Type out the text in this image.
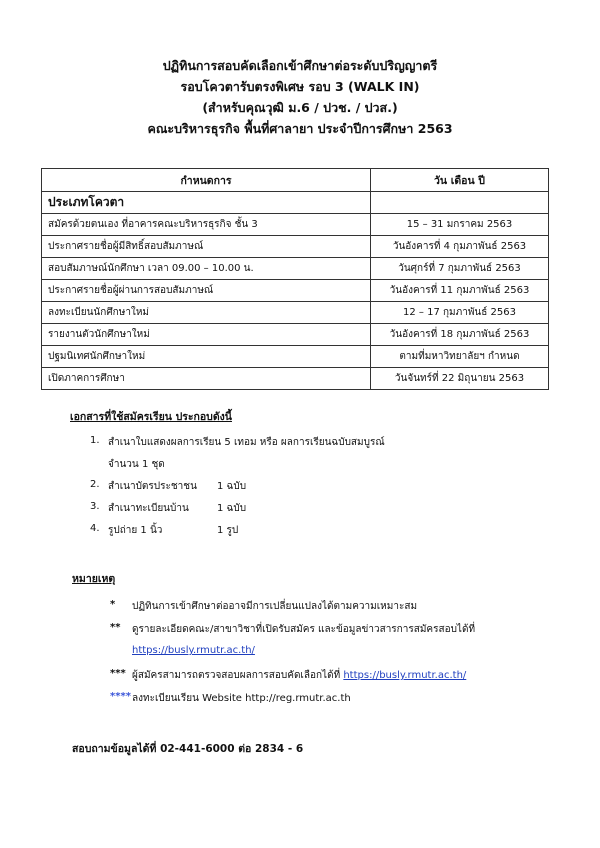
ปฏิทินการสอบคัดเลือกเข้าศึกษาต่อระดับปริญญาตรี
รอบโควตารับตรงพิเศษ รอบ 3 (WALK IN)
(สำหรับคุณวุฒิ ม.6 / ปวช. / ปวส.)
คณะบริหารธุรกิจ พื้นที่ศาลายา ประจำปีการศึกษา 2563
กำหนดการ	วัน เดือน ปี
ประเภทโควตา	
สมัครด้วยตนเอง ที่อาคารคณะบริหารธุรกิจ ชั้น 3	15 – 31 มกราคม 2563
ประกาศรายชื่อผู้มีสิทธิ์สอบสัมภาษณ์	วันอังคารที่ 4 กุมภาพันธ์ 2563
สอบสัมภาษณ์นักศึกษา เวลา 09.00 – 10.00 น.	วันศุกร์ที่ 7 กุมภาพันธ์ 2563
ประกาศรายชื่อผู้ผ่านการสอบสัมภาษณ์	วันอังคารที่ 11 กุมภาพันธ์ 2563
ลงทะเบียนนักศึกษาใหม่	12 – 17 กุมภาพันธ์ 2563
รายงานตัวนักศึกษาใหม่	วันอังคารที่ 18 กุมภาพันธ์ 2563
ปฐมนิเทศนักศึกษาใหม่	ตามที่มหาวิทยาลัยฯ กำหนด
เปิดภาคการศึกษา	วันจันทร์ที่ 22 มิถุนายน 2563
เอกสารที่ใช้สมัครเรียน ประกอบดังนี้
1. สำเนาใบแสดงผลการเรียน 5 เทอม หรือ ผลการเรียนฉบับสมบูรณ์
จำนวน 1 ชุด
2. สำเนาบัตรประชาชน 1 ฉบับ
3. สำเนาทะเบียนบ้าน	1 ฉบับ
4. รูปถ่าย 1 นิ้ว	1 รูป
หมายเหตุ
* ปฏิทินการเข้าศึกษาต่ออาจมีการเปลี่ยนแปลงได้ตามความเหมาะสม
** ดูรายละเอียดคณะ/สาขาวิชาที่เปิดรับสมัคร และข้อมูลข่าวสารการสมัครสอบได้ที่
https://busly.rmutr.ac.th/
*** ผู้สมัครสามารถตรวจสอบผลการสอบคัดเลือกได้ที่ https://busly.rmutr.ac.th/
**** ลงทะเบียนเรียน Website http://reg.rmutr.ac.th
สอบถามข้อมูลได้ที่ 02-441-6000 ต่อ 2834 - 6
